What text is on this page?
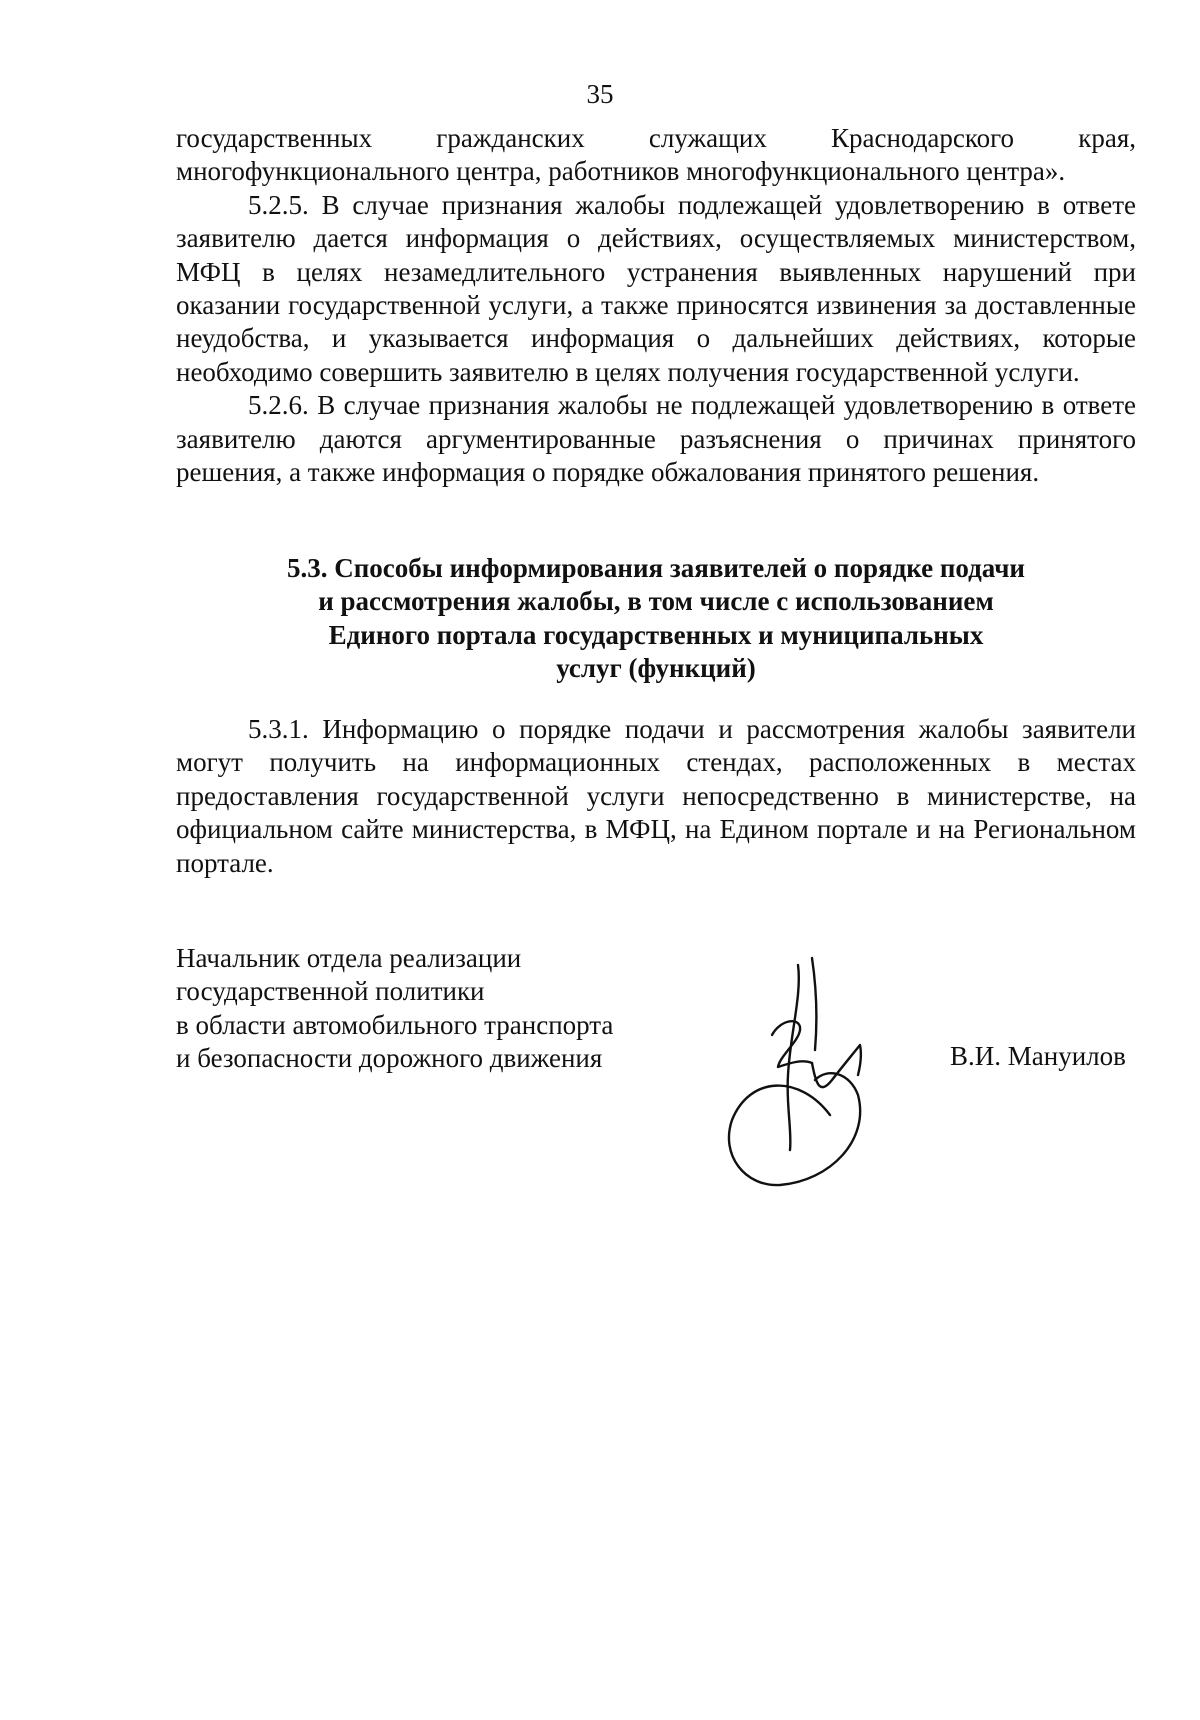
35

государственных гражданских служащих Краснодарского края, многофункционального центра, работников многофункционального центра».

5.2.5. В случае признания жалобы подлежащей удовлетворению в ответе заявителю дается информация о действиях, осуществляемых министерством, МФЦ в целях незамедлительного устранения выявленных нарушений при оказании государственной услуги, а также приносятся извинения за доставленные неудобства, и указывается информация о дальнейших действиях, которые необходимо совершить заявителю в целях получения государственной услуги.

5.2.6. В случае признания жалобы не подлежащей удовлетворению в ответе заявителю даются аргументированные разъяснения о причинах принятого решения, а также информация о порядке обжалования принятого решения.

5.3. Способы информирования заявителей о порядке подачи
и рассмотрения жалобы, в том числе с использованием
Единого портала государственных и муниципальных
услуг (функций)

5.3.1. Информацию о порядке подачи и рассмотрения жалобы заявители могут получить на информационных стендах, расположенных в местах предоставления государственной услуги непосредственно в министерстве, на официальном сайте министерства, в МФЦ, на Едином портале и на Региональном портале.

Начальник отдела реализации
государственной политики
в области автомобильного транспорта
и безопасности дорожного движения	В.И. Мануилов
